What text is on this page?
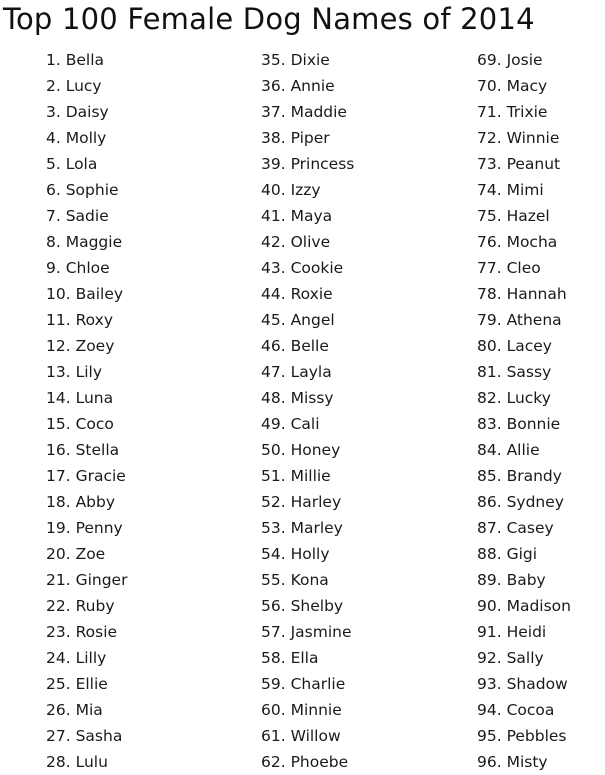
Top 100 Female Dog Names of 2014
1. Bella
2. Lucy
3. Daisy
4. Molly
5. Lola
6. Sophie
7. Sadie
8. Maggie
9. Chloe
10. Bailey
11. Roxy
12. Zoey
13. Lily
14. Luna
15. Coco
16. Stella
17. Gracie
18. Abby
19. Penny
20. Zoe
21. Ginger
22. Ruby
23. Rosie
24. Lilly
25. Ellie
26. Mia
27. Sasha
28. Lulu
35. Dixie
36. Annie
37. Maddie
38. Piper
39. Princess
40. Izzy
41. Maya
42. Olive
43. Cookie
44. Roxie
45. Angel
46. Belle
47. Layla
48. Missy
49. Cali
50. Honey
51. Millie
52. Harley
53. Marley
54. Holly
55. Kona
56. Shelby
57. Jasmine
58. Ella
59. Charlie
60. Minnie
61. Willow
62. Phoebe
69. Josie
70. Macy
71. Trixie
72. Winnie
73. Peanut
74. Mimi
75. Hazel
76. Mocha
77. Cleo
78. Hannah
79. Athena
80. Lacey
81. Sassy
82. Lucky
83. Bonnie
84. Allie
85. Brandy
86. Sydney
87. Casey
88. Gigi
89. Baby
90. Madison
91. Heidi
92. Sally
93. Shadow
94. Cocoa
95. Pebbles
96. Misty
